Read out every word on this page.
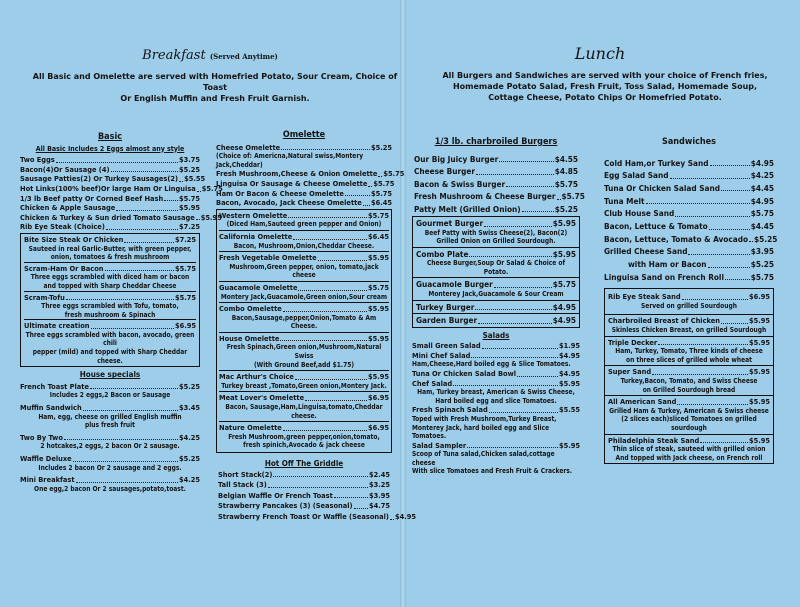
Breakfast (Served Anytime)
All Basic and Omelette are served with Homefried Potato, Sour Cream, Choice of Toast
Or English Muffin and Fresh Fruit Garnish.
Lunch
All Burgers and Sandwiches are served with your choice of French fries,
Homemade Potato Salad, Fresh Fruit, Toss Salad, Homemade Soup,
Cottage Cheese, Potato Chips Or Homefried Potato.
Basic
All Basic Includes 2 Eggs almost any style
Two Eggs	$3.75
Bacon(4)Or Sausage (4)	$5.25
Sausage Patties(2) Or Turkey Sausages(2) $5.55
Hot Links(100% beef)Or large Ham Or Linguisa $5.75
1/3 lb Beef patty Or Corned Beef Hash $5.75
Chicken & Apple Sausage	$5.95
Chicken & Turkey & Sun dried Tomato Sausage $5.95
Rib Eye Steak (Choice)	$7.25
Bite Size Steak Or Chicken	$7.25
Sauteed in real Garlic-Butter, with green pepper,
onion, tomatoes & fresh mushroom
Scram-Ham Or Bacon	$5.75
Three eggs scrambled with diced ham or bacon
and topped with Sharp Cheddar Cheese
Scram-Tofu	$5.75
Three eggs scrambled with Tofu, tomato,
fresh mushroom & Spinach
Ultimate creation	$6.95
Three eggs scrambled with bacon, avocado, green chili
pepper (mild) and topped with Sharp Cheddar cheese.
House specials
French Toast Plate	$5.25
Includes 2 eggs,2 Bacon or Sausage
Muffin Sandwich	$3.45
Ham, egg, cheese on grilled English muffin
plus fresh fruit
Two By Two	$4.25
2 hotcakes,2 eggs, 2 bacon Or 2 sausage.
Waffle Deluxe	$5.25
Includes 2 bacon Or 2 sausage and 2 eggs.
Mini Breakfast	$4.25
One egg,2 bacon Or 2 sausages,potato,toast.
Omelette
Cheese Omelette	$5.25
(Choice of: Americna,Natural swiss,Montery Jack,Cheddar)
Fresh Mushroom,Cheese & Onion Omelette $5.75
Linguisa Or Sausage & Cheese Omelette $5.75
Ham Or Bacon & Cheese Omelette	$5.75
Bacon, Avocado, Jack Cheese Omelette $6.45
Western Omelette	$5.75
(Diced Ham,Sauteed green pepper and Onion)
California Omelette	$6.45
Bacon, Mushroom,Onion,Cheddar Cheese.
Fresh Vegetable Omelette	$5.95
Mushroom,Green pepper, onion, tomato,jack cheese
Guacamole Omelette	$5.75
Montery Jack,Guacamole,Green onion,Sour cream
Combo Omelette	$5.95
Bacon,Sausage,pepper,Onion,Tomato & Am Cheese.
House Omelette	$5.95
Fresh Spinach,Green onion,Mushroom,Natural Swiss
(With Ground Beef,add $1.75)
Mac Arthur's Choice	$5.95
Turkey breast ,Tomato,Green onion,Montery Jack.
Meat Lover's Omelette	$6.95
Bacon, Sausage,Ham,Linguisa,tomato,Cheddar cheese.
Nature Omelette	$6.95
Fresh Mushroom,green pepper,onion,tomato,
fresh spinich,Avocado & jack cheese
Hot Off The Griddle
Short Stack(2)	$2.45
Tall Stack (3)	$3.25
Belgian Waffle Or French Toast	$3.95
Strawberry Pancakes (3) (Seasonal) $4.75
Strawberry French Toast Or Waffle (Seasonal) $4.95
1/3 lb. charbroiled Burgers
Our Big Juicy Burger	$4.55
Cheese Burger	$4.85
Bacon & Swiss Burger	$5.75
Fresh Mushroom & Cheese Burger $5.75
Patty Melt (Grilled Onion)	$5.25
Gourmet Burger	$5.95
Beef Patty with Swiss Cheese(2), Bacon(2)
Grilled Onion on Grilled Sourdough.
Combo Plate	$5.95
Cheese Burger,Soup Or Salad & Choice of Potato.
Guacamole Burger	$5.75
Monterey Jack,Guacamole & Sour Cream
Turkey Burger	$4.95
Garden Burger	$4.95
Salads
Small Green Salad	$1.95
Mini Chef Salad	$4.95
Ham,Cheese,Hard boiled egg & Slice Tomatoes.
Tuna Or Chicken Salad Bowl	$4.95
Chef Salad	$5.95
Ham, Turkey breast, American & Swiss Cheese,
Hard boiled egg and slice Tomatoes.
Fresh Spinach Salad	$5.55
Toped with Fresh Mushroom,Turkey Breast,
Monterey Jack, hard boiled egg and Slice Tomatoes.
Salad Sampler	$5.95
Scoop of Tuna salad,Chicken salad,cottage cheese
With slice Tomatoes and Fresh Fruit & Crackers.
Sandwiches
Cold Ham,or Turkey Sand	$4.95
Egg Salad Sand	$4.25
Tuna Or Chicken Salad Sand	$4.45
Tuna Melt	$4.95
Club House Sand	$5.75
Bacon, Lettuce & Tomato	$4.45
Bacon, Lettuce, Tomato & Avocado $5.25
Grilled Cheese Sand	$3.95
with Ham or Bacon	$5.25
Linguisa Sand on French Roll	$5.75
Rib Eye Steak Sand	$6.95
Served on grilled Sourdough
Charbroiled Breast of Chicken	$5.95
Skinless Chicken Breast, on grilled Sourdough
Triple Decker	$5.95
Ham, Turkey, Tomato, Three kinds of cheese
on three slices of grilled whole wheat
Super Sand	$5.95
Turkey,Bacon, Tomato, and Swiss Cheese
on Grilled Sourdough bread
All American Sand	$5.95
Grilled Ham & Turkey, American & Swiss cheese
(2 slices each)sliced Tomatoes on grilled sourdough
Philadelphia Steak Sand	$5.95
Thin slice of steak, sauteed with grilled onion
And topped with Jack cheese, on French roll
